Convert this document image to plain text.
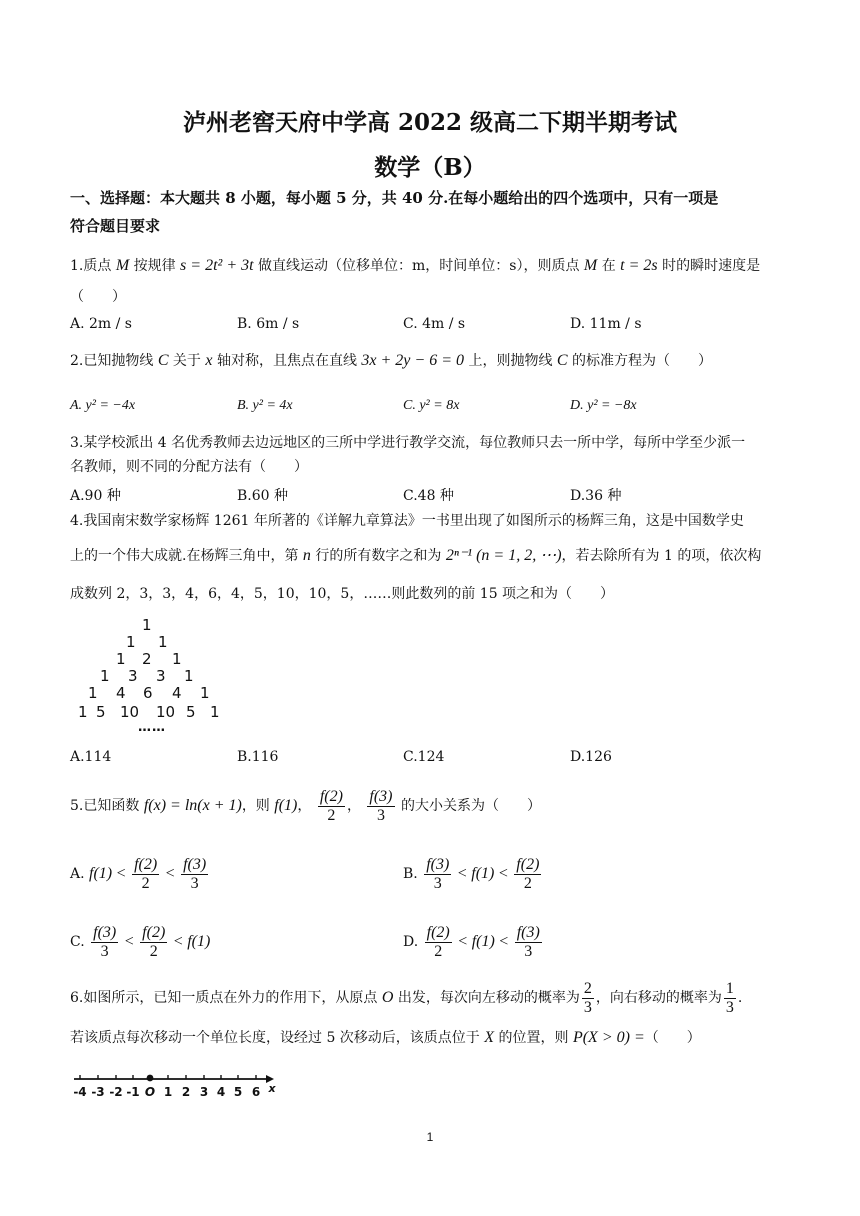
泸州老窖天府中学高 2022 级高二下期半期考试
数学（B）
一、选择题：本大题共 8 小题，每小题 5 分，共 40 分.在每小题给出的四个选项中，只有一项是
符合题目要求
1.质点 M 按规律 s = 2t² + 3t 做直线运动（位移单位：m，时间单位：s），则质点 M 在 t = 2s 时的瞬时速度是
（　　）
A. 2m / s	B. 6m / s	C. 4m / s	D. 11m / s
2.已知抛物线 C 关于 x 轴对称，且焦点在直线 3x + 2y − 6 = 0 上，则抛物线 C 的标准方程为（　　）
A. y² = −4x	B. y² = 4x	C. y² = 8x	D. y² = −8x
3.某学校派出 4 名优秀教师去边远地区的三所中学进行教学交流，每位教师只去一所中学，每所中学至少派一
名教师，则不同的分配方法有（　　）
A.90 种	B.60 种	C.48 种	D.36 种
4.我国南宋数学家杨辉 1261 年所著的《详解九章算法》一书里出现了如图所示的杨辉三角，这是中国数学史
上的一个伟大成就.在杨辉三角中，第 n 行的所有数字之和为 2ⁿ⁻¹ (n = 1, 2, ⋯)，若去除所有为 1 的项，依次构
成数列 2，3，3，4，6，4，5，10，10，5，……则此数列的前 15 项之和为（　　）
1
1 1
1 2 1
1 3 3 1
1 4 6 4 1
1 5 10 10 5 1
……
A.114	B.116	C.124	D.126
5.已知函数 f(x) = ln(x + 1)，则 f(1)， $\frac{f(2)}{2}$ ， $\frac{f(3)}{3}$ 的大小关系为（　　）
A. $f(1) < \frac{f(2)}{2} < \frac{f(3)}{3}$	B. $\frac{f(3)}{3} < f(1) < \frac{f(2)}{2}$
C. $\frac{f(3)}{3} < \frac{f(2)}{2} < f(1)$	D. $\frac{f(2)}{2} < f(1) < \frac{f(3)}{3}$
6.如图所示，已知一质点在外力的作用下，从原点 O 出发，每次向左移动的概率为 $\frac{2}{3}$ ，向右移动的概率为 $\frac{1}{3}$ .
若该质点每次移动一个单位长度，设经过 5 次移动后，该质点位于 X 的位置，则 P(X > 0) =（　　）
-4 -3 -2 -1 O 1 2 3 4 5 6 x
1
